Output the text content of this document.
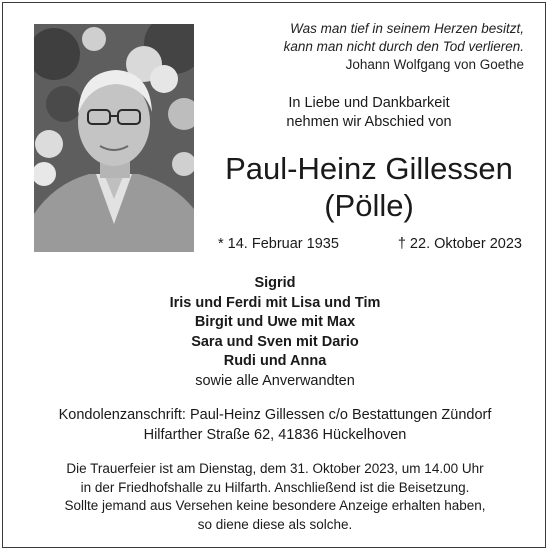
Was man tief in seinem Herzen besitzt,
kann man nicht durch den Tod verlieren.
Johann Wolfgang von Goethe
In Liebe und Dankbarkeit
nehmen wir Abschied von
Paul-Heinz Gillessen
(Pölle)
* 14. Februar 1935	† 22. Oktober 2023
Sigrid
Iris und Ferdi mit Lisa und Tim
Birgit und Uwe mit Max
Sara und Sven mit Dario
Rudi und Anna
sowie alle Anverwandten
Kondolenzanschrift: Paul-Heinz Gillessen c/o Bestattungen Zündorf
Hilfarther Straße 62, 41836 Hückelhoven
Die Trauerfeier ist am Dienstag, dem 31. Oktober 2023, um 14.00 Uhr
in der Friedhofshalle zu Hilfarth. Anschließend ist die Beisetzung.
Sollte jemand aus Versehen keine besondere Anzeige erhalten haben,
so diene diese als solche.
